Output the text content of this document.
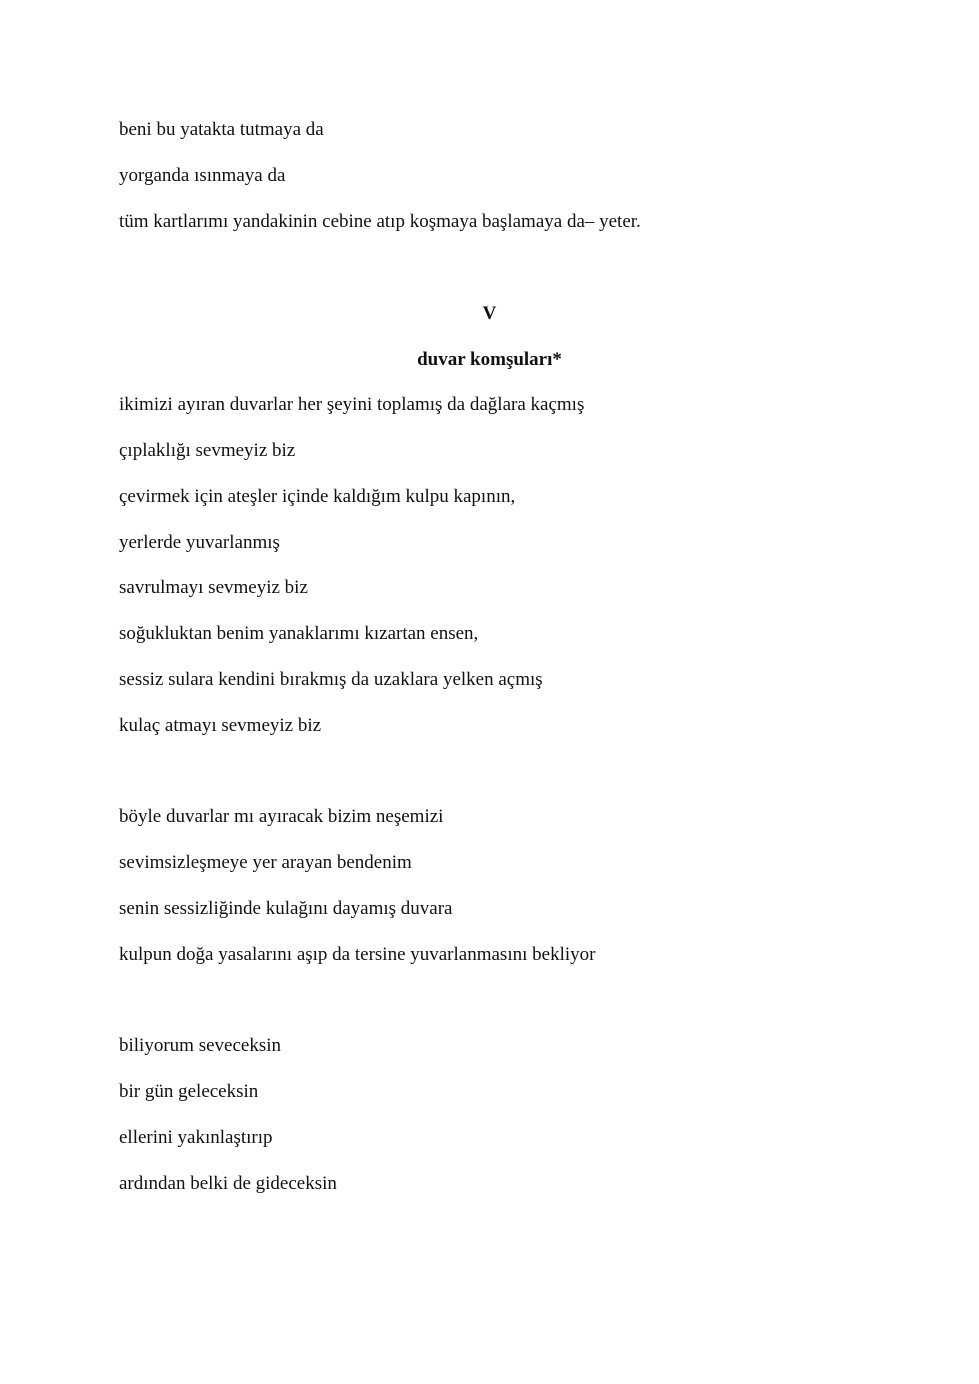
beni bu yatakta tutmaya da
yorganda ısınmaya da
tüm kartlarımı yandakinin cebine atıp koşmaya başlamaya da– yeter.
V
duvar komşuları*
ikimizi ayıran duvarlar her şeyini toplamış da dağlara kaçmış
çıplaklığı sevmeyiz biz
çevirmek için ateşler içinde kaldığım kulpu kapının,
yerlerde yuvarlanmış
savrulmayı sevmeyiz biz
soğukluktan benim yanaklarımı kızartan ensen,
sessiz sulara kendini bırakmış da uzaklara yelken açmış
kulaç atmayı sevmeyiz biz
böyle duvarlar mı ayıracak bizim neşemizi
sevimsizleşmeye yer arayan bendenim
senin sessizliğinde kulağını dayamış duvara
kulpun doğa yasalarını aşıp da tersine yuvarlanmasını bekliyor
biliyorum seveceksin
bir gün geleceksin
ellerini yakınlaştırıp
ardından belki de gideceksin
